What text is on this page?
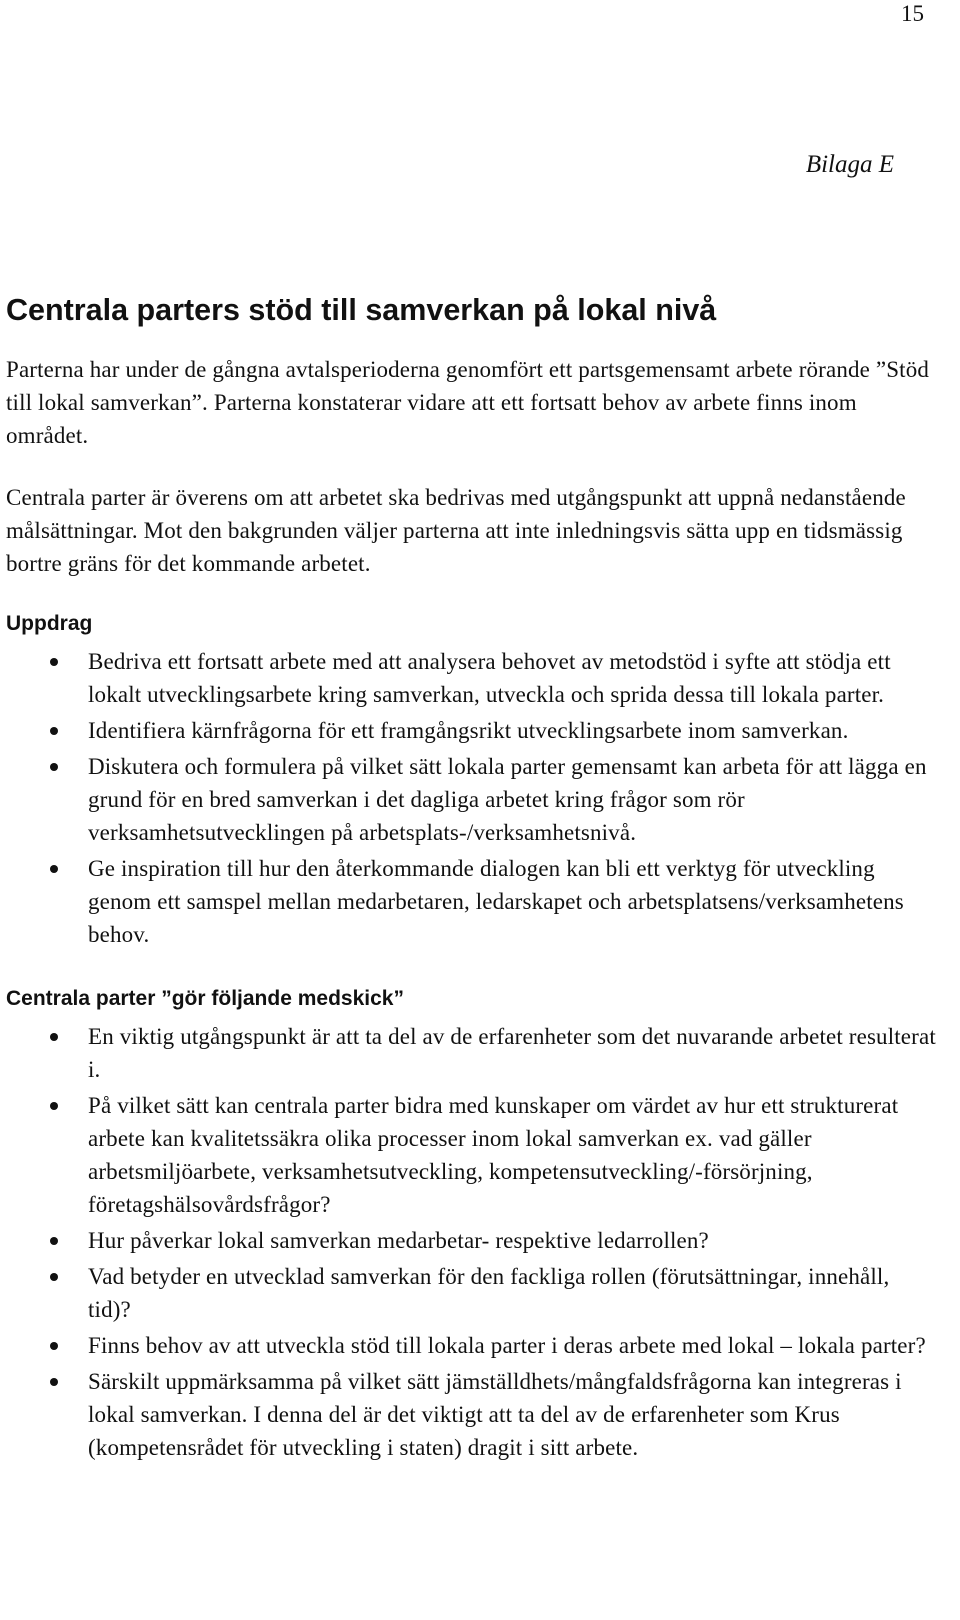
15
Bilaga E
Centrala parters stöd till samverkan på lokal nivå

Parterna har under de gångna avtalsperioderna genomfört ett partsgemensamt arbete rörande ”Stöd till lokal samverkan”. Parterna konstaterar vidare att ett fortsatt behov av arbete finns inom området.

Centrala parter är överens om att arbetet ska bedrivas med utgångspunkt att uppnå nedanstående målsättningar. Mot den bakgrunden väljer parterna att inte inledningsvis sätta upp en tidsmässig bortre gräns för det kommande arbetet.

Uppdrag
Bedriva ett fortsatt arbete med att analysera behovet av metodstöd i syfte att stödja ett lokalt utvecklingsarbete kring samverkan, utveckla och sprida dessa till lokala parter.
Identifiera kärnfrågorna för ett framgångsrikt utvecklingsarbete inom samverkan.
Diskutera och formulera på vilket sätt lokala parter gemensamt kan arbeta för att lägga en grund för en bred samverkan i det dagliga arbetet kring frågor som rör verksamhetsutvecklingen på arbetsplats-/verksamhetsnivå.
Ge inspiration till hur den återkommande dialogen kan bli ett verktyg för utveckling genom ett samspel mellan medarbetaren, ledarskapet och arbetsplatsens/verksamhetens behov.
Centrala parter ”gör följande medskick”
En viktig utgångspunkt är att ta del av de erfarenheter som det nuvarande arbetet resulterat i.
På vilket sätt kan centrala parter bidra med kunskaper om värdet av hur ett strukturerat arbete kan kvalitetssäkra olika processer inom lokal samverkan ex. vad gäller arbetsmiljöarbete, verksamhetsutveckling, kompetensutveckling/-försörjning, företagshälsovårdsfrågor?
Hur påverkar lokal samverkan medarbetar- respektive ledarrollen?
Vad betyder en utvecklad samverkan för den fackliga rollen (förutsättningar, innehåll, tid)?
Finns behov av att utveckla stöd till lokala parter i deras arbete med lokal – lokala parter?
Särskilt uppmärksamma på vilket sätt jämställdhets/mångfaldsfrågorna kan integreras i lokal samverkan. I denna del är det viktigt att ta del av de erfarenheter som Krus (kompetensrådet för utveckling i staten) dragit i sitt arbete.
